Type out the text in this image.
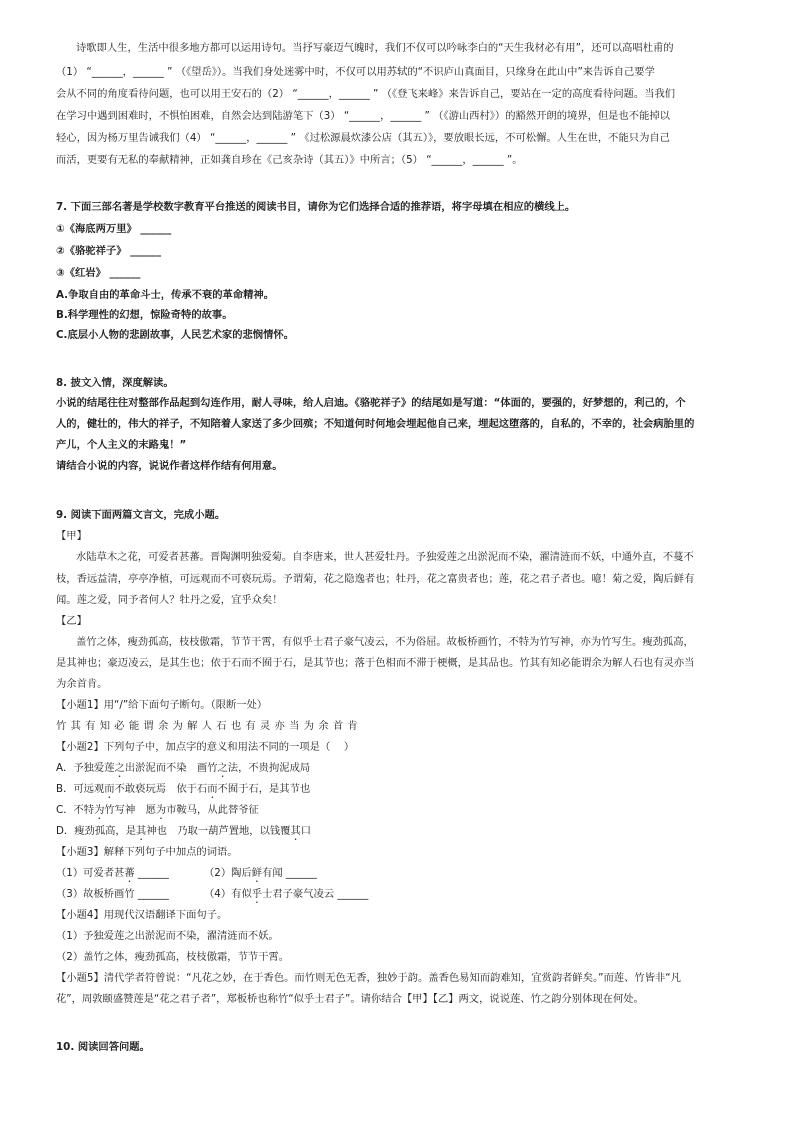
诗歌即人生，生活中很多地方都可以运用诗句。当抒写豪迈气魄时，我们不仅可以吟咏李白的“天生我材必有用”，还可以高唱杜甫的
（1） “______，______ ” （《望岳》）。当我们身处迷雾中时，不仅可以用苏轼的“不识庐山真面目，只缘身在此山中”来告诉自己要学
会从不同的角度看待问题，也可以用王安石的（2） “______，______ ” （《登飞来峰》来告诉自己，要站在一定的高度看待问题。当我们
在学习中遇到困难时，不惧怕困难，自然会达到陆游笔下（3） “______，______ ” （《游山西村》）的豁然开朗的境界，但是也不能掉以
轻心，因为杨万里告诫我们（4） “______，______ ” 《过松源晨炊漆公店（其五）》，要放眼长远，不可松懈。人生在世，不能只为自己
而活，更要有无私的奉献精神，正如龚自珍在《己亥杂诗（其五）》中所言；（5） “______，______ ”。
7. 下面三部名著是学校数字教育平台推送的阅读书目，请你为它们选择合适的推荐语，将字母填在相应的横线上。
①《海底两万里》 ______
②《骆驼祥子》 ______
③《红岩》 ______
A.争取自由的革命斗士，传承不衰的革命精神。
B.科学理性的幻想，惊险奇特的故事。
C.底层小人物的悲剧故事，人民艺术家的悲悯情怀。
8. 披文入情，深度解读。
小说的结尾往往对整部作品起到勾连作用，耐人寻味，给人启迪。《骆驼祥子》的结尾如是写道：“体面的，要强的，好梦想的，利己的，个
人的，健壮的，伟大的祥子，不知陪着人家送了多少回殡；不知道何时何地会埋起他自己来，埋起这堕落的，自私的，不幸的，社会病胎里的
产儿，个人主义的末路鬼！”
请结合小说的内容，说说作者这样作结有何用意。
9. 阅读下面两篇文言文，完成小题。
【甲】
水陆草木之花，可爱者甚蕃。晋陶渊明独爱菊。自李唐来，世人甚爱牡丹。予独爱莲之出淤泥而不染，濯清涟而不妖，中通外直，不蔓不
枝，香远益清，亭亭净植，可远观而不可亵玩焉。予谓菊，花之隐逸者也；牡丹，花之富贵者也；莲，花之君子者也。噫！菊之爱，陶后鲜有
闻。莲之爱，同予者何人？牡丹之爱，宜乎众矣！
【乙】
盖竹之体，瘦劲孤高，枝枝傲霜，节节干霄，有似乎士君子豪气凌云，不为俗屈。故板桥画竹，不特为竹写神，亦为竹写生。瘦劲孤高，
是其神也；豪迈凌云，是其生也；依于石而不囿于石，是其节也；落于色相而不滞于梗概，是其品也。竹其有知必能谓余为解人石也有灵亦当
为余首肯。
【小题1】用“/”给下面句子断句。（限断一处）
竹 其 有 知 必 能 谓 余 为 解 人 石 也 有 灵 亦 当 为 余 首 肯
【小题2】下列句子中，加点字的意义和用法不同的一项是（　 ）
A．予独爱莲之出淤泥而不染　画竹之法，不贵拘泥成局
B．可远观而不敢亵玩焉　依于石而不囿于石，是其节也
C．不特为竹写神　愿为市鞍马，从此替爷征
D．瘦劲孤高，是其神也　乃取一葫芦置地，以钱覆其口
【小题3】解释下列句子中加点的词语。
（1）可爱者甚蕃 ______	（2）陶后鲜有闻 ______
（3）故板桥画竹 ______	（4）有似乎士君子豪气凌云 ______
【小题4】用现代汉语翻译下面句子。
（1）予独爱莲之出淤泥而不染，濯清涟而不妖。
（2）盖竹之体，瘦劲孤高，枝枝傲霜，节节干霄。
【小题5】清代学者符曾说：“凡花之妙，在于香色。而竹则无色无香，独妙于韵。盖香色易知而韵难知，宜赏韵者鲜矣。”而莲、竹皆非“凡
花”，周敦颐盛赞莲是“花之君子者”，郑板桥也称竹“似乎士君子”。请你结合【甲】【乙】两文，说说莲、竹之韵分别体现在何处。
10. 阅读回答问题。
